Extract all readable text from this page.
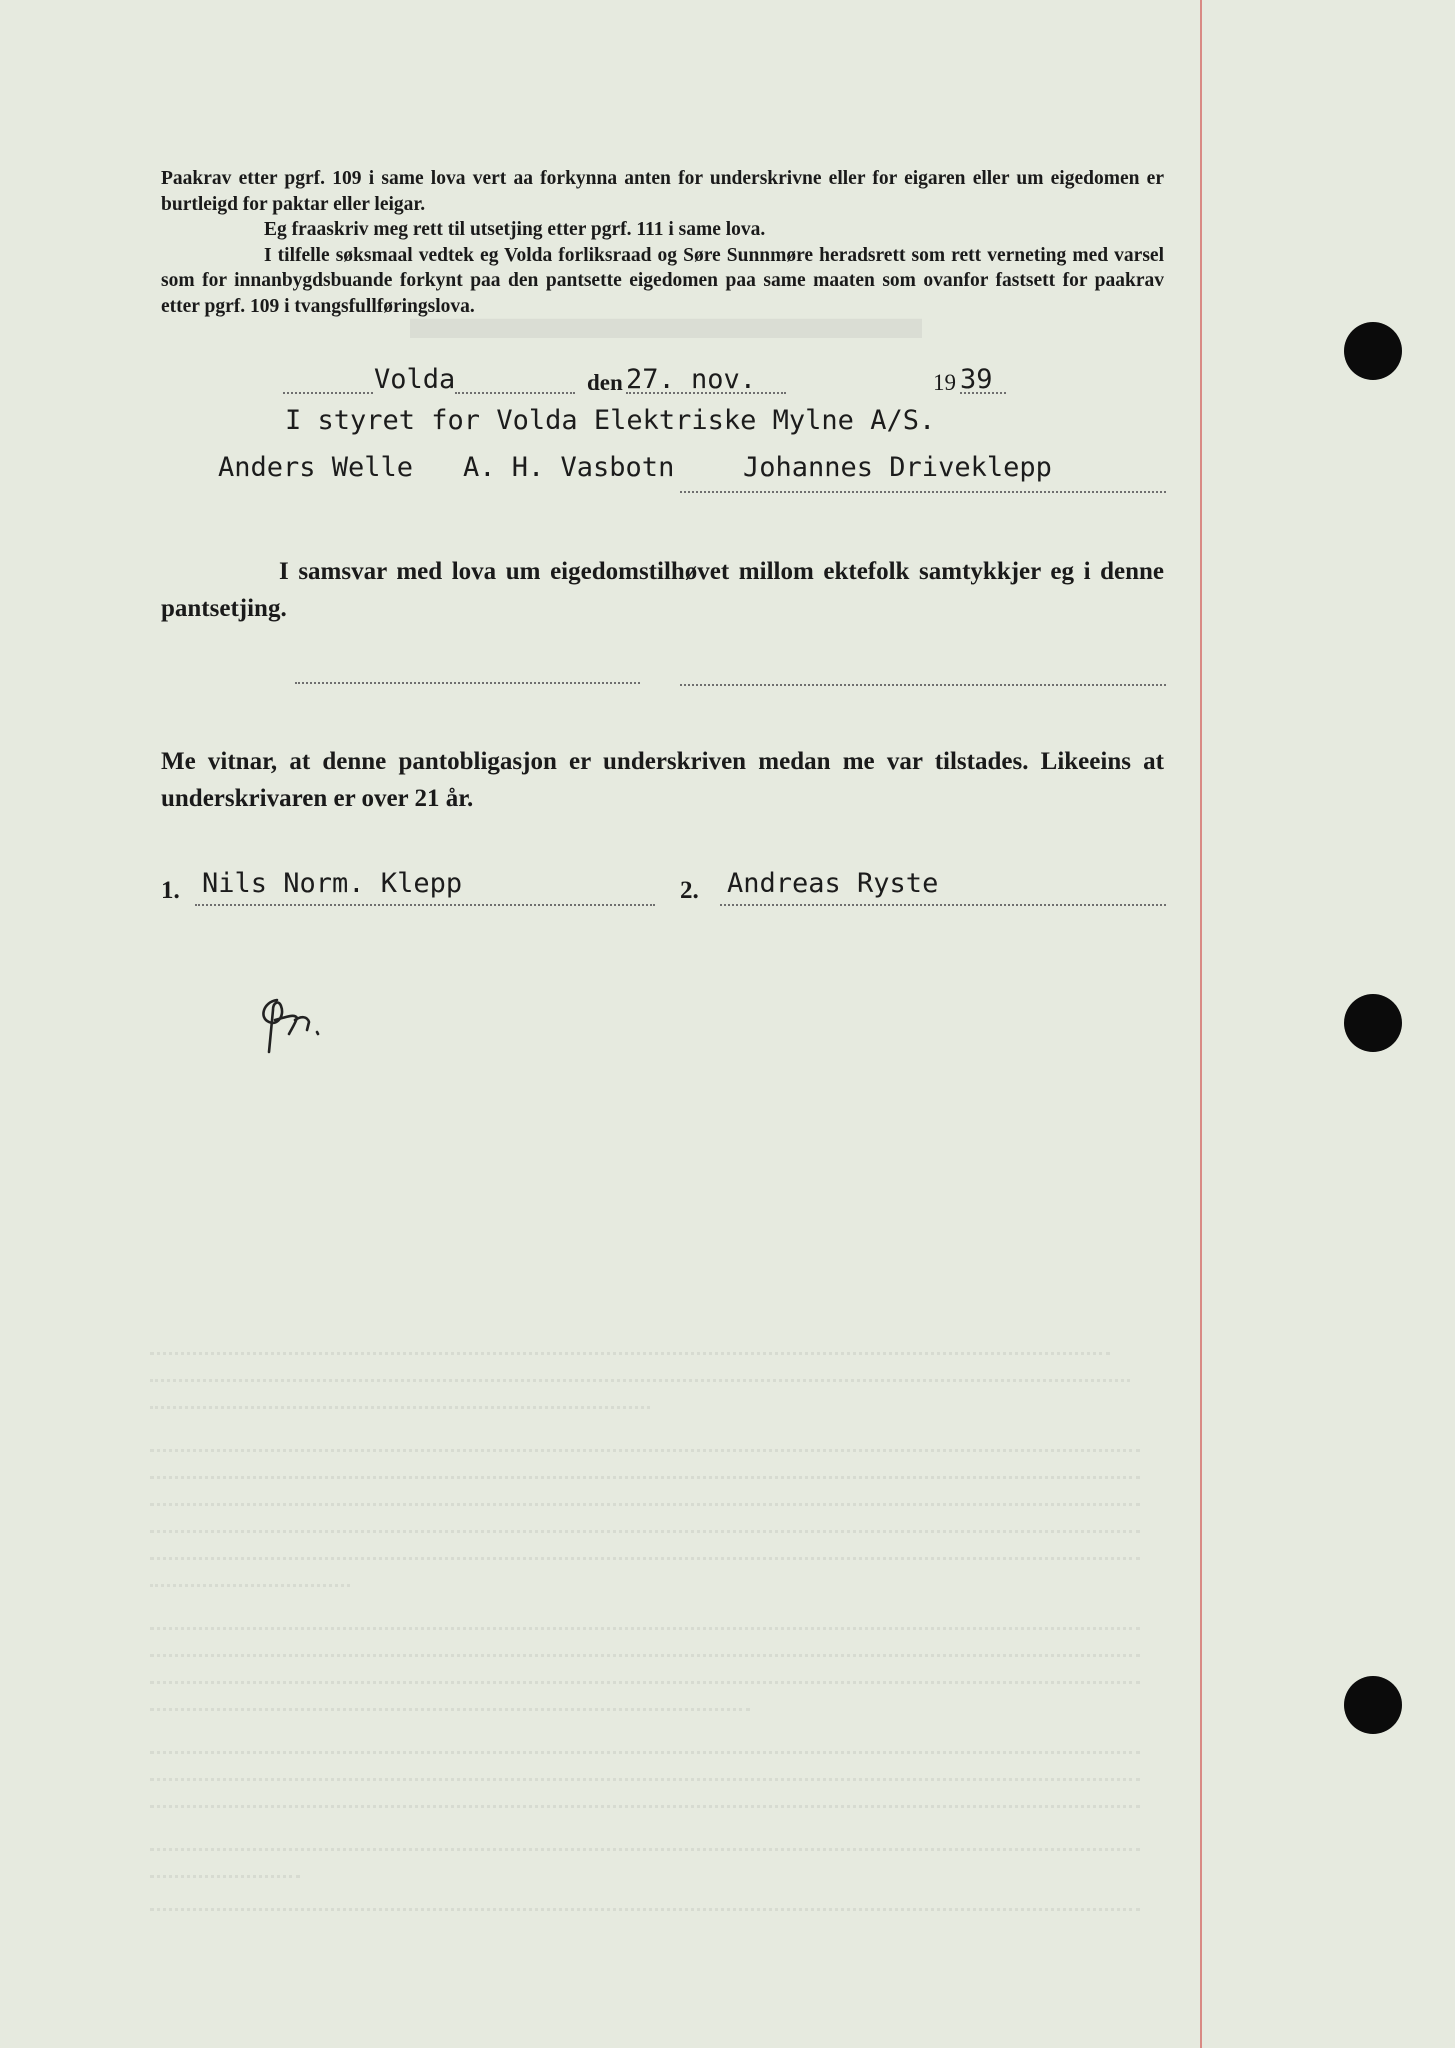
▬▬▬▬▬▬▬▬

Paakrav etter pgrf. 109 i same lova vert aa forkynna anten for underskrivne eller for eigaren eller um eigedomen er burtleigd for paktar eller leigar.

Eg fraaskriv meg rett til utsetjing etter pgrf. 111 i same lova.

I tilfelle søksmaal vedtek eg Volda forliksraad og Søre Sunnmøre heradsrett som rett verneting med varsel som for innanbygdsbuande forkynt paa den pantsette eigedomen paa same maaten som ovanfor fastsett for paakrav etter pgrf. 109 i tvangsfullføringslova.

Volda	den 27. nov.	19 39
I styret for Volda Elektriske Mylne A/S.
Anders Welle A. H. Vasbotn	Johannes Driveklepp
I samsvar med lova um eigedomstilhøvet millom ektefolk samtykkjer eg i denne pantsetjing.
Me vitnar, at denne pantobligasjon er underskriven medan me var tilstades. Likeeins at underskrivaren er over 21 år.
1. Nils Norm. Klepp	2.	Andreas Ryste
